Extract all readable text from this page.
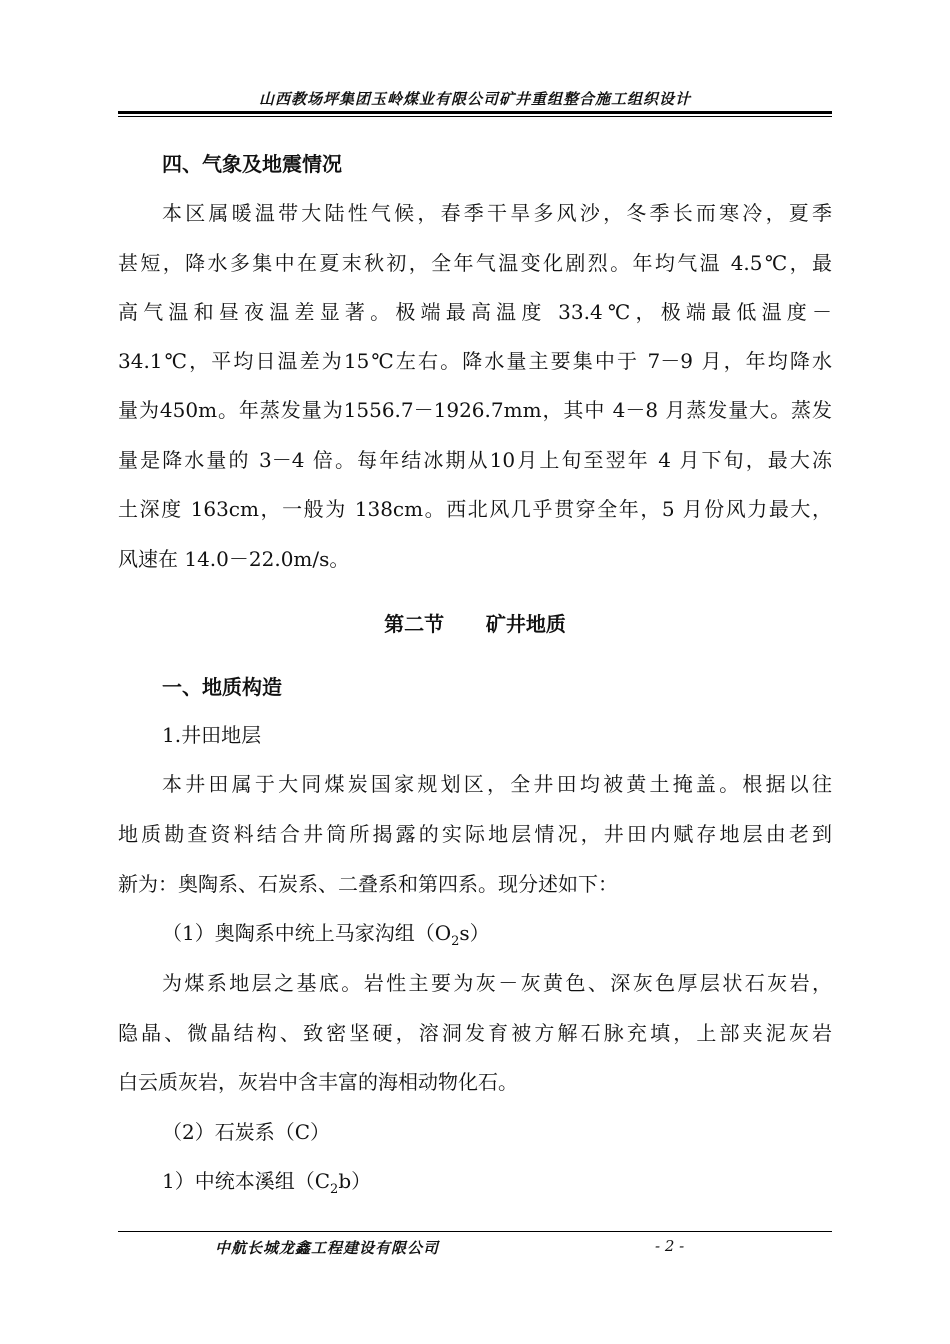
山西教场坪集团玉岭煤业有限公司矿井重组整合施工组织设计
四、气象及地震情况
本区属暖温带大陆性气候，春季干旱多风沙，冬季长而寒冷，夏季
甚短，降水多集中在夏末秋初，全年气温变化剧烈。年均气温 4.5℃，最
高气温和昼夜温差显著。极端最高温度 33.4℃，极端最低温度－
34.1℃，平均日温差为15℃左右。降水量主要集中于 7－9 月，年均降水
量为450m。年蒸发量为1556.7－1926.7mm，其中 4－8 月蒸发量大。蒸发
量是降水量的 3－4 倍。每年结冰期从10月上旬至翌年 4 月下旬，最大冻
土深度 163cm，一般为 138cm。西北风几乎贯穿全年，5 月份风力最大，
风速在 14.0－22.0m/s。
第二节      矿井地质
一、地质构造
1.井田地层
本井田属于大同煤炭国家规划区，全井田均被黄土掩盖。根据以往
地质勘查资料结合井筒所揭露的实际地层情况，井田内赋存地层由老到
新为：奥陶系、石炭系、二叠系和第四系。现分述如下：
（1）奥陶系中统上马家沟组$(O_2s)$
为煤系地层之基底。岩性主要为灰－灰黄色、深灰色厚层状石灰岩，
隐晶、微晶结构、致密坚硬，溶洞发育被方解石脉充填，上部夹泥灰岩
白云质灰岩，灰岩中含丰富的海相动物化石。
（2）石炭系（C）
1）中统本溪组$(C_2b)$
中航长城龙鑫工程建设有限公司	- 2 -
